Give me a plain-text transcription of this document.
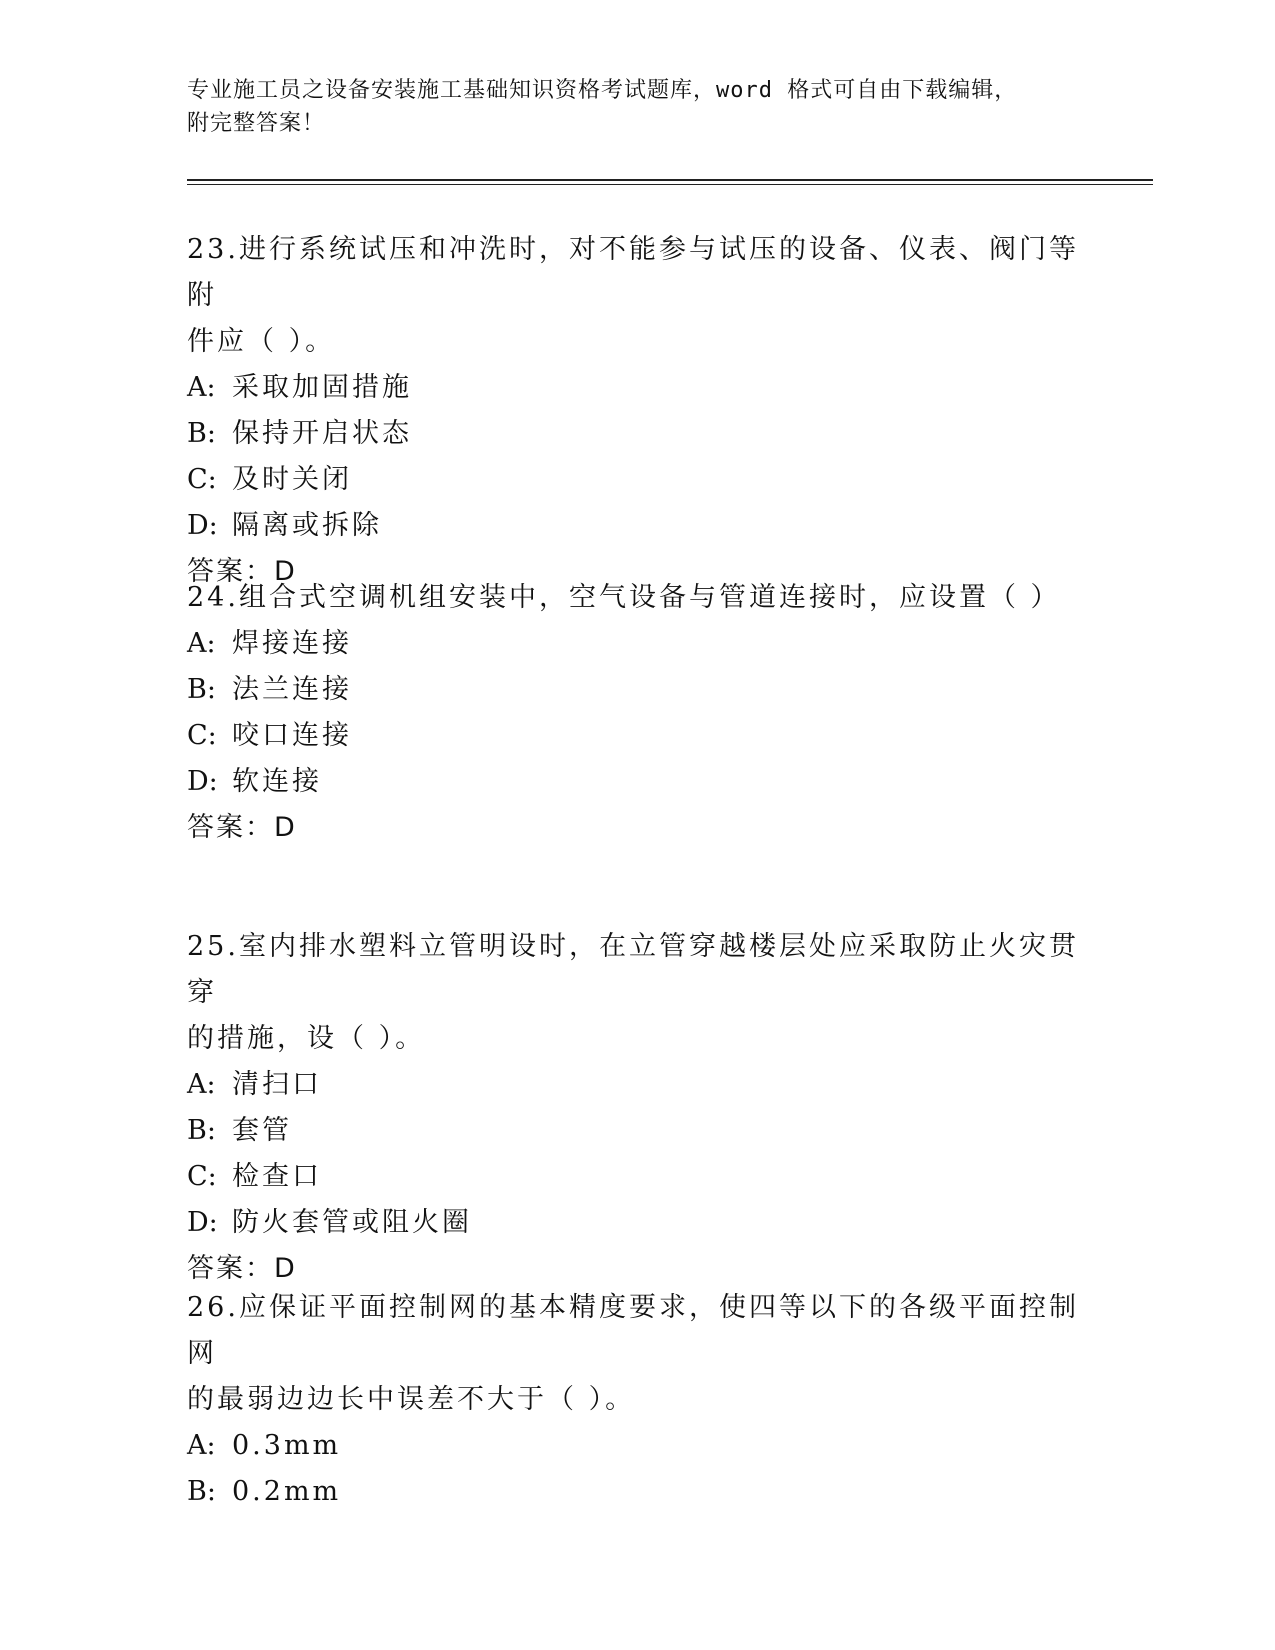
专业施工员之设备安装施工基础知识资格考试题库，word 格式可自由下载编辑，
附完整答案！
23.进行系统试压和冲洗时，对不能参与试压的设备、仪表、阀门等附
件应（ ）。
A: 采取加固措施
B: 保持开启状态
C: 及时关闭
D: 隔离或拆除
答案：D
24.组合式空调机组安装中，空气设备与管道连接时，应设置（ ）
A: 焊接连接
B: 法兰连接
C: 咬口连接
D: 软连接
答案：D
25.室内排水塑料立管明设时，在立管穿越楼层处应采取防止火灾贯穿
的措施，设（ ）。
A: 清扫口
B: 套管
C: 检查口
D: 防火套管或阻火圈
答案：D
26.应保证平面控制网的基本精度要求，使四等以下的各级平面控制网
的最弱边边长中误差不大于（ ）。
A: 0.3mm
B: 0.2mm
